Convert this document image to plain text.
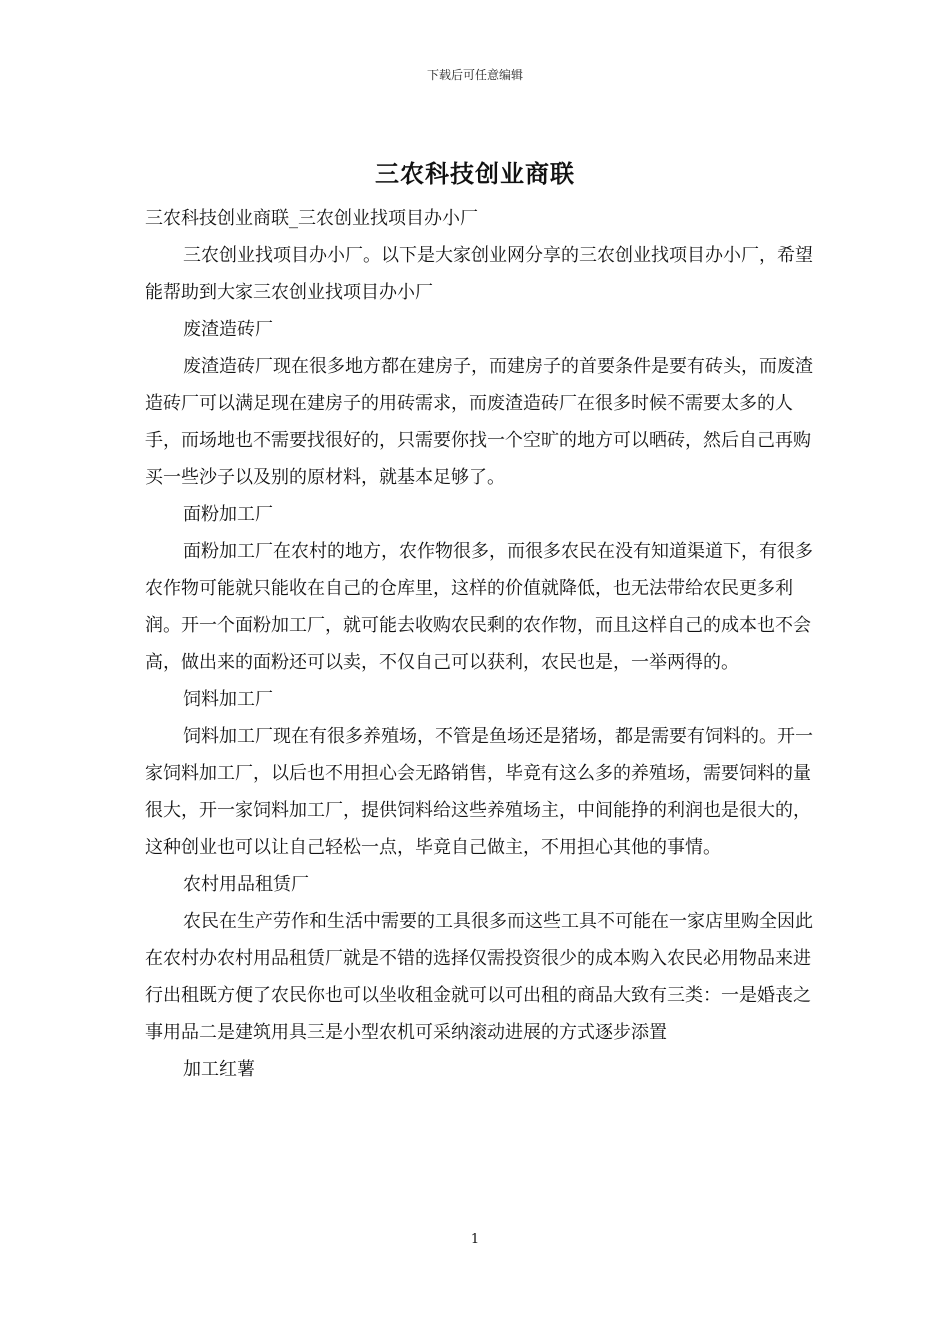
下载后可任意编辑
三农科技创业商联

三农科技创业商联_三农创业找项目办小厂

三农创业找项目办小厂。以下是大家创业网分享的三农创业找项目办小厂，希望能帮助到大家三农创业找项目办小厂

废渣造砖厂

废渣造砖厂现在很多地方都在建房子，而建房子的首要条件是要有砖头，而废渣造砖厂可以满足现在建房子的用砖需求，而废渣造砖厂在很多时候不需要太多的人手，而场地也不需要找很好的，只需要你找一个空旷的地方可以晒砖，然后自己再购买一些沙子以及别的原材料，就基本足够了。

面粉加工厂

面粉加工厂在农村的地方，农作物很多，而很多农民在没有知道渠道下，有很多农作物可能就只能收在自己的仓库里，这样的价值就降低，也无法带给农民更多利润。开一个面粉加工厂，就可能去收购农民剩的农作物，而且这样自己的成本也不会高，做出来的面粉还可以卖，不仅自己可以获利，农民也是，一举两得的。

饲料加工厂

饲料加工厂现在有很多养殖场，不管是鱼场还是猪场，都是需要有饲料的。开一家饲料加工厂，以后也不用担心会无路销售，毕竟有这么多的养殖场，需要饲料的量很大，开一家饲料加工厂，提供饲料给这些养殖场主，中间能挣的利润也是很大的，这种创业也可以让自己轻松一点，毕竟自己做主，不用担心其他的事情。

农村用品租赁厂

农民在生产劳作和生活中需要的工具很多而这些工具不可能在一家店里购全因此在农村办农村用品租赁厂就是不错的选择仅需投资很少的成本购入农民必用物品来进行出租既方便了农民你也可以坐收租金就可以可出租的商品大致有三类：一是婚丧之事用品二是建筑用具三是小型农机可采纳滚动进展的方式逐步添置

加工红薯

1
